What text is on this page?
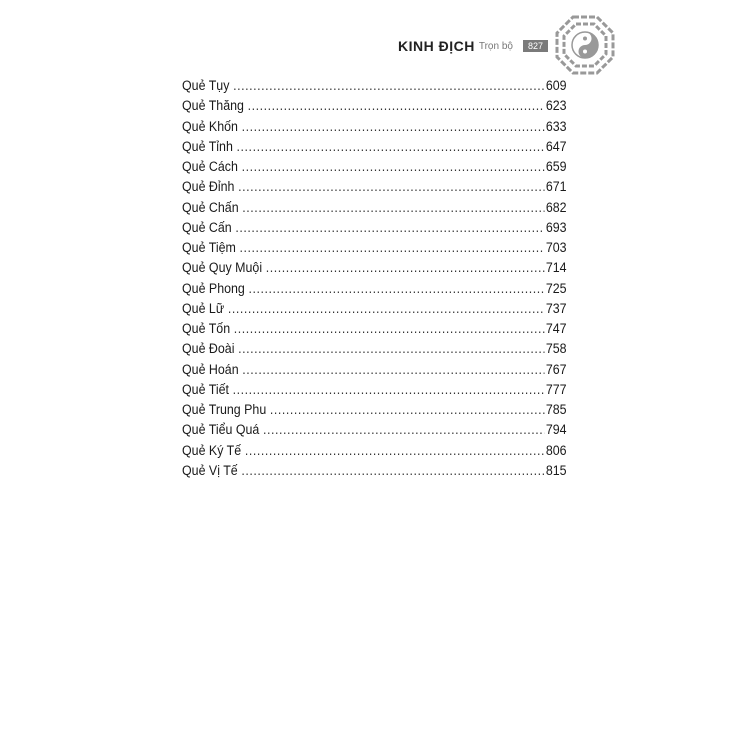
KINH ĐỊCH Trọn bộ	827
Quẻ Tụy .....	609
Quẻ Thăng .....	623
Quẻ Khốn .....	633
Quẻ Tỉnh .....	647
Quẻ Cách .....	659
Quẻ Đỉnh .....	671
Quẻ Chấn .....	682
Quẻ Cấn .....	693
Quẻ Tiệm .....	703
Quẻ Quy Muội .....	714
Quẻ Phong .....	725
Quẻ Lữ .....	737
Quẻ Tốn .....	747
Quẻ Đoài .....	758
Quẻ Hoán .....	767
Quẻ Tiết .....	777
Quẻ Trung Phu .....	785
Quẻ Tiểu Quá .....	794
Quẻ Ký Tế .....	806
Quẻ Vị Tế .....	815
